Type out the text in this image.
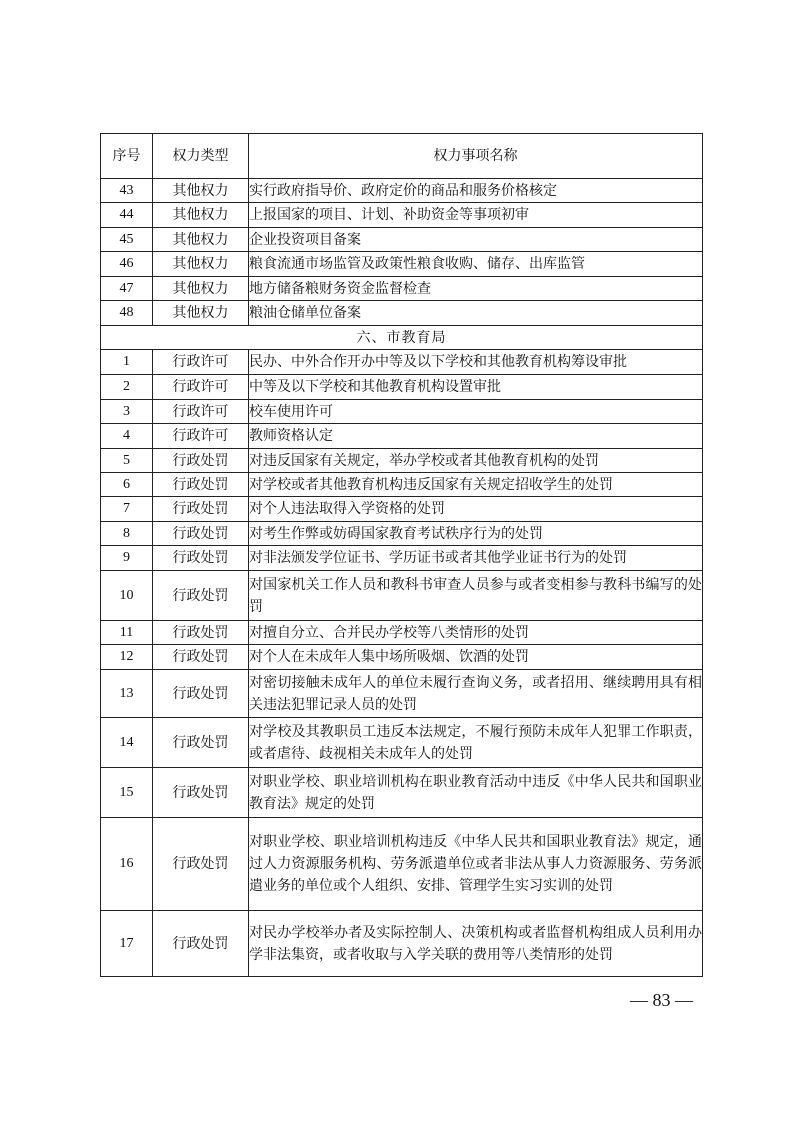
序号	权力类型	权力事项名称
43	其他权力	实行政府指导价、政府定价的商品和服务价格核定
44	其他权力	上报国家的项目、计划、补助资金等事项初审
45	其他权力	企业投资项目备案
46	其他权力	粮食流通市场监管及政策性粮食收购、储存、出库监管
47	其他权力	地方储备粮财务资金监督检查
48	其他权力	粮油仓储单位备案
六、市教育局		
1	行政许可	民办、中外合作开办中等及以下学校和其他教育机构筹设审批
2	行政许可	中等及以下学校和其他教育机构设置审批
3	行政许可	校车使用许可
4	行政许可	教师资格认定
5	行政处罚	对违反国家有关规定，举办学校或者其他教育机构的处罚
6	行政处罚	对学校或者其他教育机构违反国家有关规定招收学生的处罚
7	行政处罚	对个人违法取得入学资格的处罚
8	行政处罚	对考生作弊或妨碍国家教育考试秩序行为的处罚
9	行政处罚	对非法颁发学位证书、学历证书或者其他学业证书行为的处罚
10	行政处罚	对国家机关工作人员和教科书审查人员参与或者变相参与教科书编写的处罚
11	行政处罚	对擅自分立、合并民办学校等八类情形的处罚
12	行政处罚	对个人在未成年人集中场所吸烟、饮酒的处罚
13	行政处罚	对密切接触未成年人的单位未履行查询义务，或者招用、继续聘用具有相关违法犯罪记录人员的处罚
14	行政处罚	对学校及其教职员工违反本法规定，不履行预防未成年人犯罪工作职责，或者虐待、歧视相关未成年人的处罚
15	行政处罚	对职业学校、职业培训机构在职业教育活动中违反《中华人民共和国职业教育法》规定的处罚
16	行政处罚	对职业学校、职业培训机构违反《中华人民共和国职业教育法》规定，通过人力资源服务机构、劳务派遣单位或者非法从事人力资源服务、劳务派遣业务的单位或个人组织、安排、管理学生实习实训的处罚
17	行政处罚	对民办学校举办者及实际控制人、决策机构或者监督机构组成人员利用办学非法集资，或者收取与入学关联的费用等八类情形的处罚
— 83 —
